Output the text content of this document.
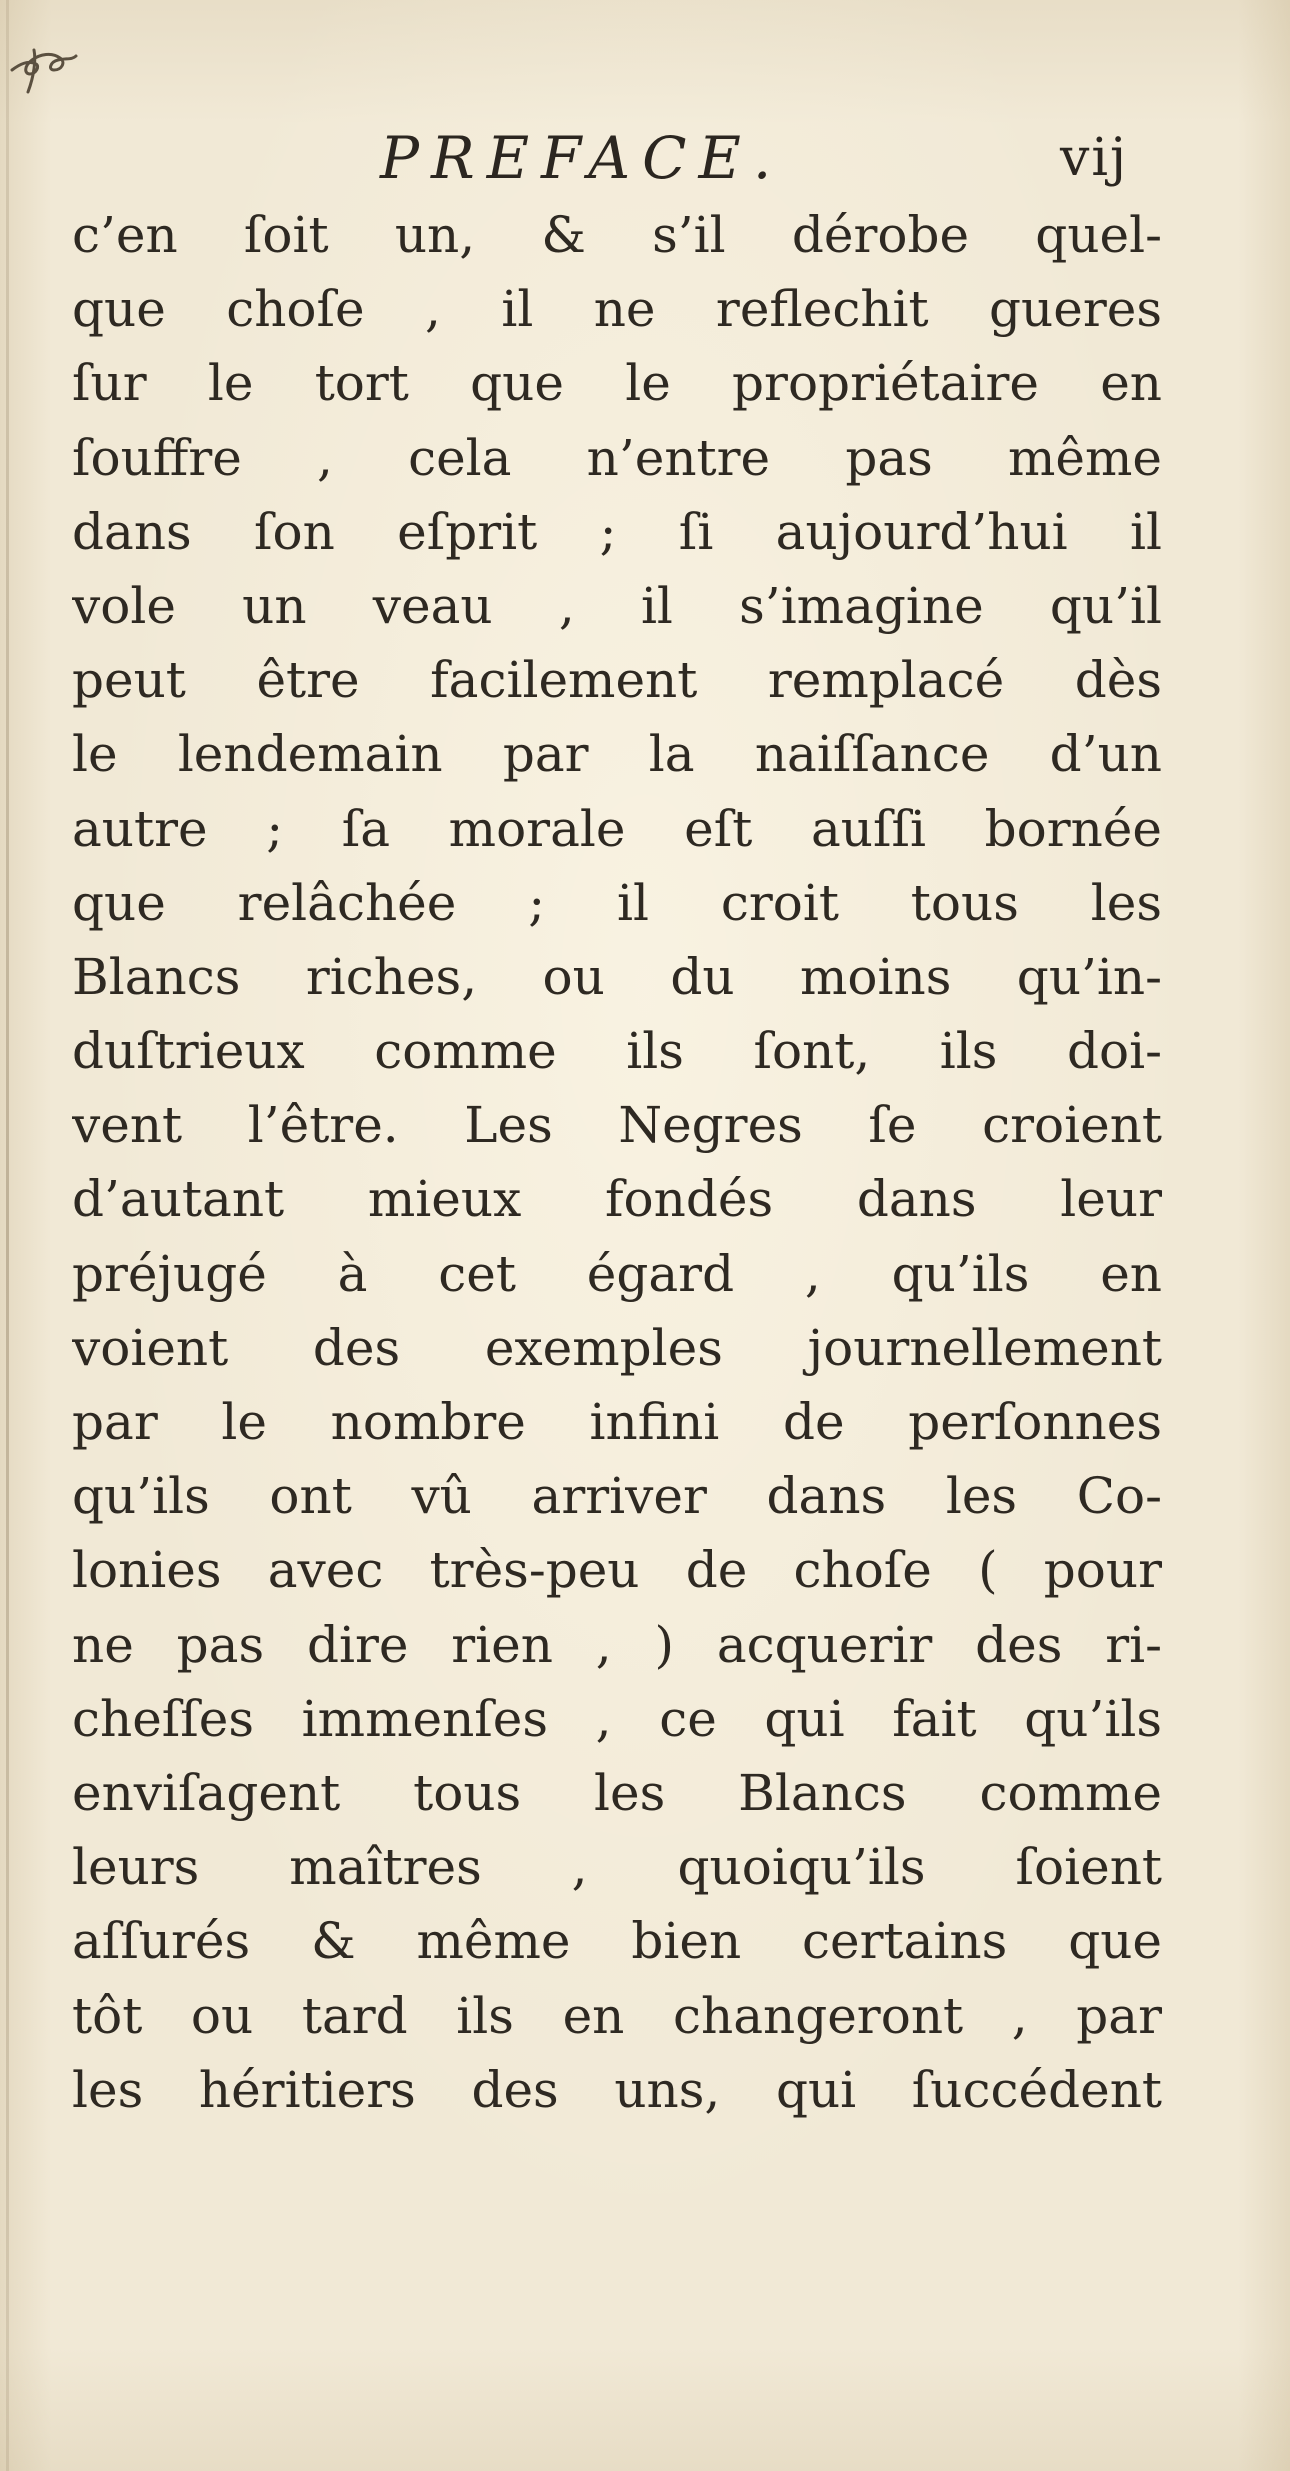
PREFACE.	vij
c’en ſoit un, & s’il dérobe quel-
que choſe , il ne reflechit gueres
ſur le tort que le propriétaire en
ſouffre , cela n’entre pas même
dans ſon eſprit ; ſi aujourd’hui il
vole un veau , il s’imagine qu’il
peut être facilement remplacé dès
le lendemain par la naiſſance d’un
autre ; ſa morale eſt auſſi bornée
que relâchée ; il croit tous les
Blancs riches, ou du moins qu’in-
duſtrieux comme ils ſont, ils doi-
vent l’être. Les Negres ſe croient
d’autant mieux fondés dans leur
préjugé à cet égard , qu’ils en
voient des exemples journellement
par le nombre infini de perſonnes
qu’ils ont vû arriver dans les Co-
lonies avec très-peu de choſe ( pour
ne pas dire rien , ) acquerir des ri-
cheſſes immenſes , ce qui fait qu’ils
enviſagent tous les Blancs comme
leurs maîtres , quoiqu’ils ſoient
aſſurés & même bien certains que
tôt ou tard ils en changeront , par
les héritiers des uns, qui ſuccédent
